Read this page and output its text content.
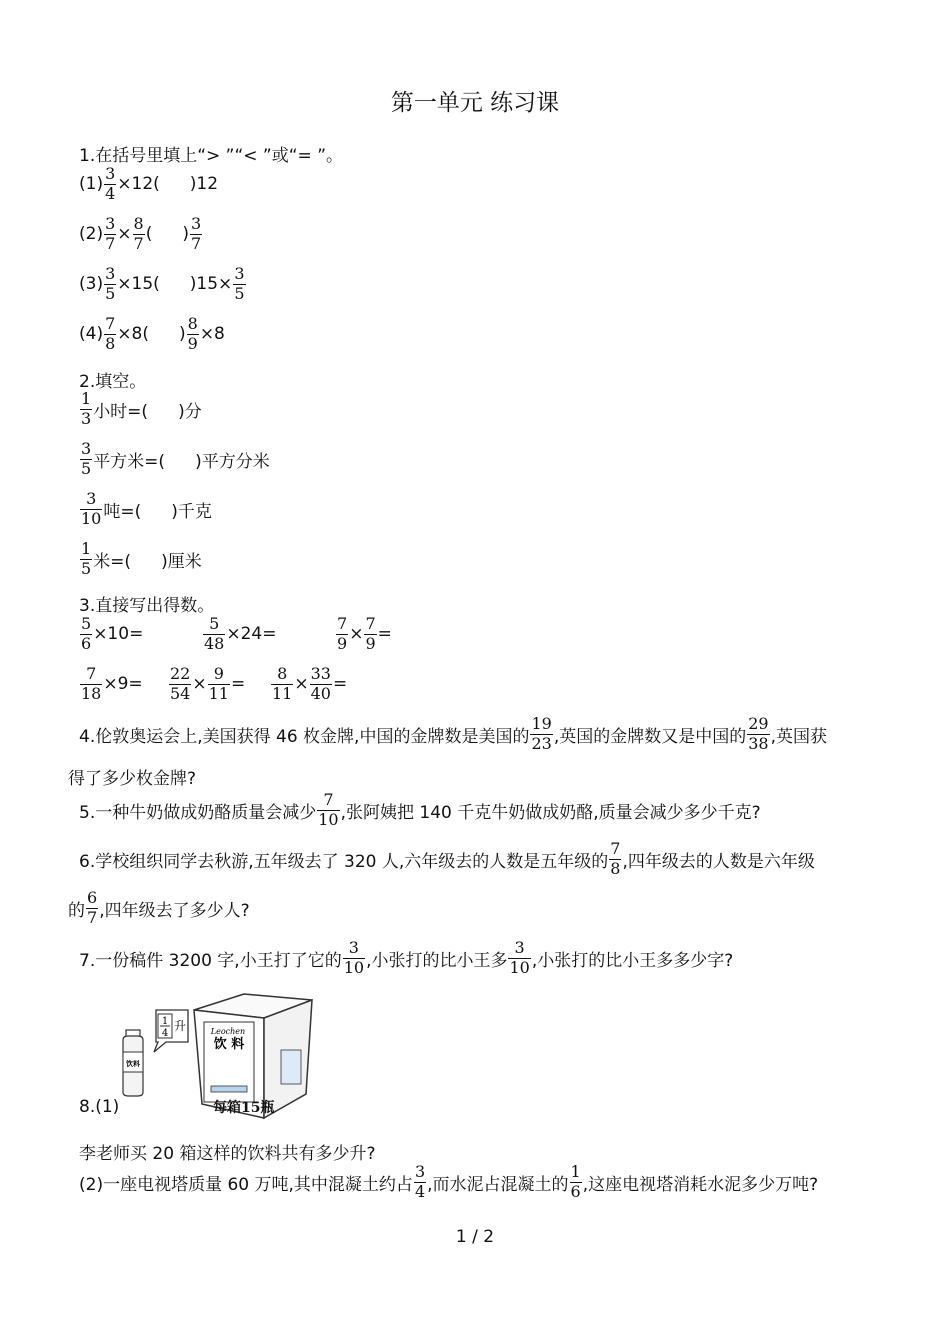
第一单元 练习课
1.在括号里填上“> ”“< ”或“= ”。
$(1) \frac{3}{4} \times 12$( )12
$(2) \frac{3}{7} \times \frac{8}{7}$ ( ) $\frac{3}{7}$
$(3) \frac{3}{5} \times 15$( )$15\times \frac{3}{5}$
$(4) \frac{7}{8} \times 8$( ) $\frac{8}{9} \times 8$
2.填空。
$\frac{1}{3}$ 小时=( )分
$\frac{3}{5}$ 平方米=( )平方分米
$\frac{3}{10}$ 吨=( )千克
$\frac{1}{5}$ 米=( )厘米
3.直接写出得数。
$\frac{5}{6} \times 10=$	$\frac{5}{48} \times 24=$	$\frac{7}{9} \times \frac{7}{9}$ =
$\frac{7}{18} \times 9= \frac{22}{54} \times \frac{9}{11} = \frac{8}{11} \times \frac{33}{40}$ =
4.伦敦奥运会上,美国获得 46 枚金牌,中国的金牌数是美国的 $\frac{19}{23}$ ,英国的金牌数又是中国的 $\frac{29}{38}$ ,英国获
得了多少枚金牌?
5.一种牛奶做成奶酪质量会减少 $\frac{7}{10}$ ,张阿姨把 140 千克牛奶做成奶酪,质量会减少多少千克?
6.学校组织同学去秋游,五年级去了 320 人,六年级去的人数是五年级的 $\frac{7}{8}$ ,四年级去的人数是六年级
的 $\frac{6}{7}$ ,四年级去了多少人?
7.一份稿件 3200 字,小王打了它的 $\frac{3}{10}$ ,小张打的比小王多 $\frac{3}{10}$ ,小张打的比小王多多少字?
饮料
1
4
升	Leochen
饮 料
每箱15瓶
8.(1)
李老师买 20 箱这样的饮料共有多少升?
(2)一座电视塔质量 60 万吨,其中混凝土约占 $\frac{3}{4}$ ,而水泥占混凝土的 $\frac{1}{6}$ ,这座电视塔消耗水泥多少万吨?
1 / 2
